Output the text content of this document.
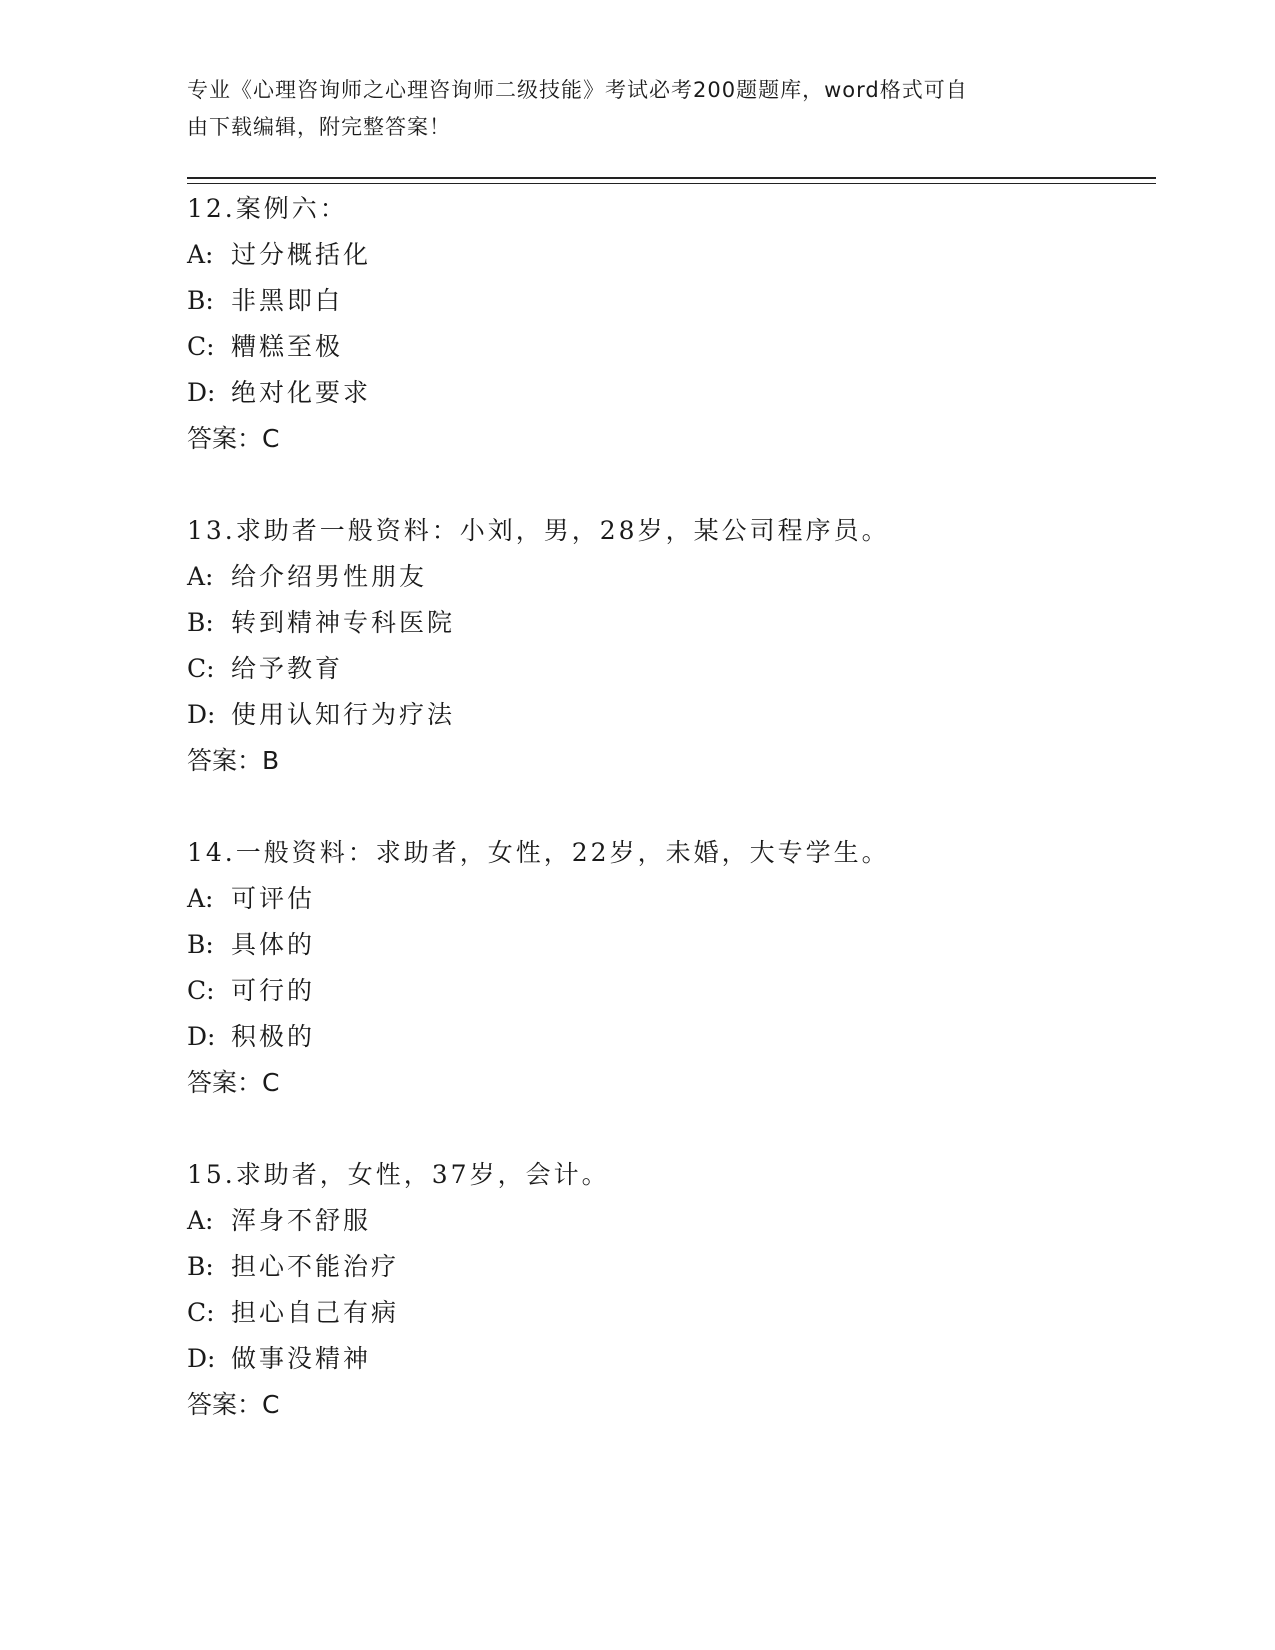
专业《心理咨询师之心理咨询师二级技能》考试必考200题题库，word格式可自
由下载编辑，附完整答案！
12.案例六：
A: 过分概括化
B: 非黑即白
C: 糟糕至极
D: 绝对化要求
答案：C
13.求助者一般资料：小刘，男，28岁，某公司程序员。
A: 给介绍男性朋友
B: 转到精神专科医院
C: 给予教育
D: 使用认知行为疗法
答案：B
14.一般资料：求助者，女性，22岁，未婚，大专学生。
A: 可评估
B: 具体的
C: 可行的
D: 积极的
答案：C
15.求助者，女性，37岁，会计。
A: 浑身不舒服
B: 担心不能治疗
C: 担心自己有病
D: 做事没精神
答案：C
